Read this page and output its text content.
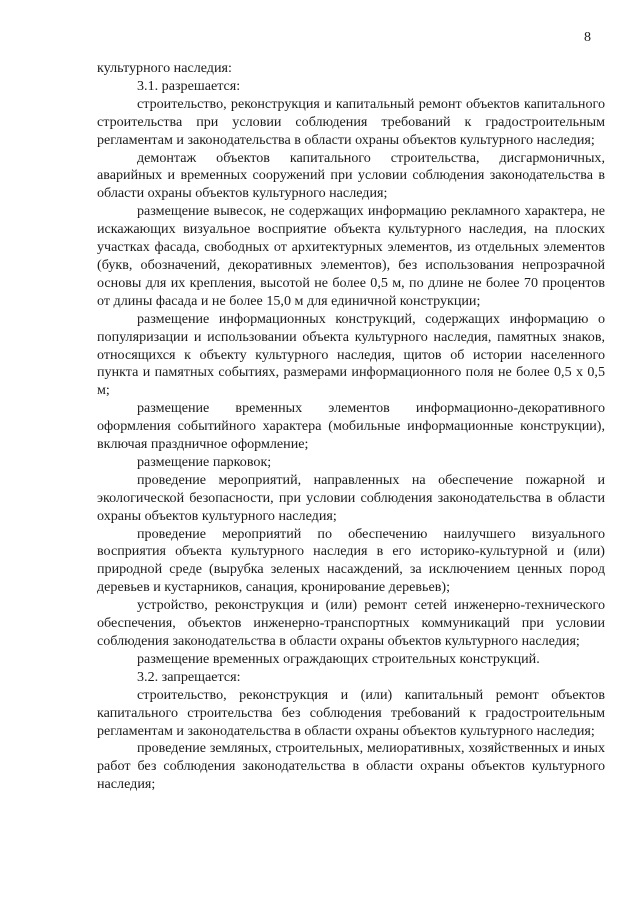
8

культурного наследия:

3.1. разрешается:

строительство, реконструкция и капитальный ремонт объектов капитального строительства при условии соблюдения требований к градостроительным регламентам и законодательства в области охраны объектов культурного наследия;

демонтаж объектов капитального строительства, дисгармоничных, аварийных и временных сооружений при условии соблюдения законодательства в области охраны объектов культурного наследия;

размещение вывесок, не содержащих информацию рекламного характера, не искажающих визуальное восприятие объекта культурного наследия, на плоских участках фасада, свободных от архитектурных элементов, из отдельных элементов (букв, обозначений, декоративных элементов), без использования непрозрачной основы для их крепления, высотой не более 0,5 м, по длине не более 70 процентов от длины фасада и не более 15,0 м для единичной конструкции;

размещение информационных конструкций, содержащих информацию о популяризации и использовании объекта культурного наследия, памятных знаков, относящихся к объекту культурного наследия, щитов об истории населенного пункта и памятных событиях, размерами информационного поля не более 0,5 х 0,5 м;

размещение временных элементов информационно-декоративного оформления событийного характера (мобильные информационные конструкции), включая праздничное оформление;

размещение парковок;

проведение мероприятий, направленных на обеспечение пожарной и экологической безопасности, при условии соблюдения законодательства в области охраны объектов культурного наследия;

проведение мероприятий по обеспечению наилучшего визуального восприятия объекта культурного наследия в его историко-культурной и (или) природной среде (вырубка зеленых насаждений, за исключением ценных пород деревьев и кустарников, санация, кронирование деревьев);

устройство, реконструкция и (или) ремонт сетей инженерно-технического обеспечения, объектов инженерно-транспортных коммуникаций при условии соблюдения законодательства в области охраны объектов культурного наследия;

размещение временных ограждающих строительных конструкций.

3.2. запрещается:

строительство, реконструкция и (или) капитальный ремонт объектов капитального строительства без соблюдения требований к градостроительным регламентам и законодательства в области охраны объектов культурного наследия;

проведение земляных, строительных, мелиоративных, хозяйственных и иных работ без соблюдения законодательства в области охраны объектов культурного наследия;
